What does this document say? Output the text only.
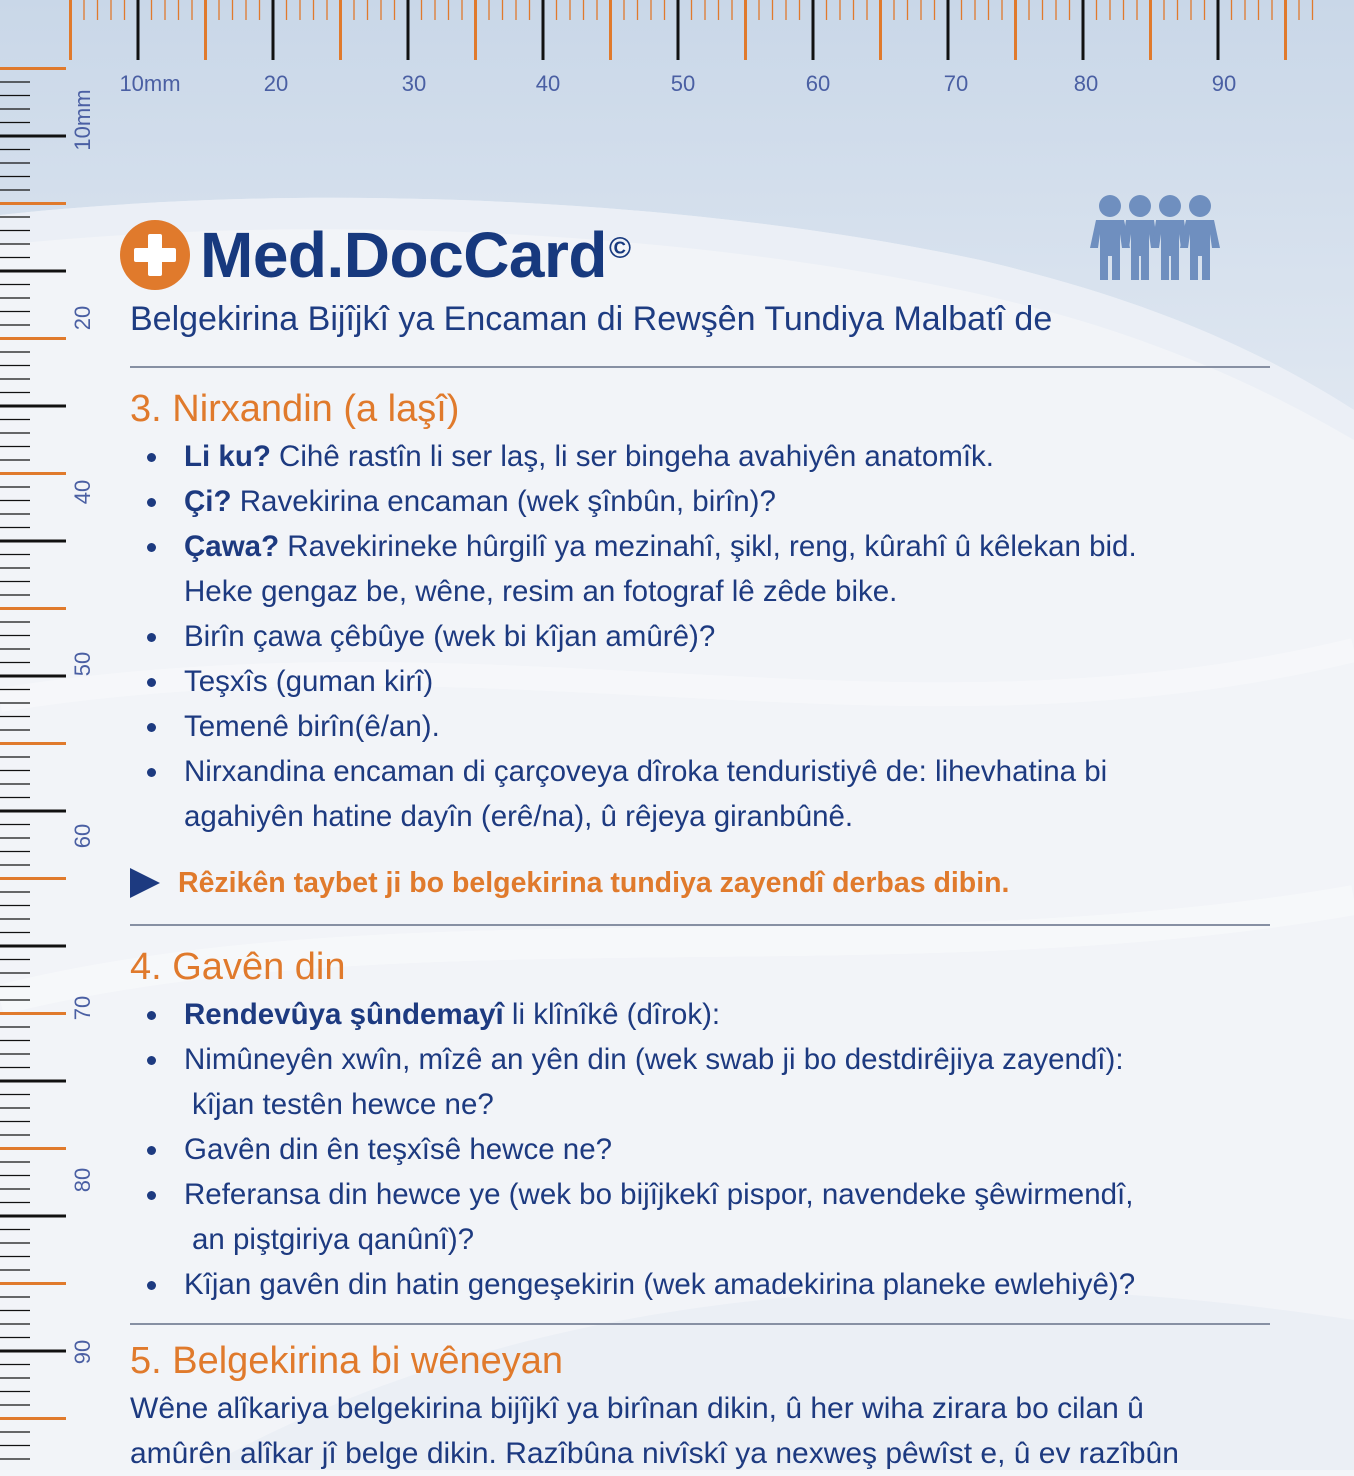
10mm	20	30	40	50	60	70	80	90
10mm
20
40
50
60
70
80
90
Med.DocCard©
Belgekirina Bijîjkî ya Encaman di Rewşên Tundiya Malbatî de
3. Nirxandin (a laşî)
Li ku? Cihê rastîn li ser laş, li ser bingeha avahiyên anatomîk.
Çi? Ravekirina encaman (wek şînbûn, birîn)?
Çawa? Ravekirineke hûrgilî ya mezinahî, şikl, reng, kûrahî û kêlekan bid.
Heke gengaz be, wêne, resim an fotograf lê zêde bike.
Birîn çawa çêbûye (wek bi kîjan amûrê)?
Teşxîs (guman kirî)
Temenê birîn(ê/an).
Nirxandina encaman di çarçoveya dîroka tenduristiyê de: lihevhatina bi
agahiyên hatine dayîn (erê/na), û rêjeya giranbûnê.
Rêzikên taybet ji bo belgekirina tundiya zayendî derbas dibin.
4. Gavên din
Rendevûya şûndemayî li klînîkê (dîrok):
Nimûneyên xwîn, mîzê an yên din (wek swab ji bo destdirêjiya zayendî):
kîjan testên hewce ne?
Gavên din ên teşxîsê hewce ne?
Referansa din hewce ye (wek bo bijîjkekî pispor, navendeke şêwirmendî,
an piştgiriya qanûnî)?
Kîjan gavên din hatin gengeşekirin (wek amadekirina planeke ewlehiyê)?
5. Belgekirina bi wêneyan

Wêne alîkariya belgekirina bijîjkî ya birînan dikin, û her wiha zirara bo cilan û
amûrên alîkar jî belge dikin. Razîbûna nivîskî ya nexweş pêwîst e, û ev razîbûn
